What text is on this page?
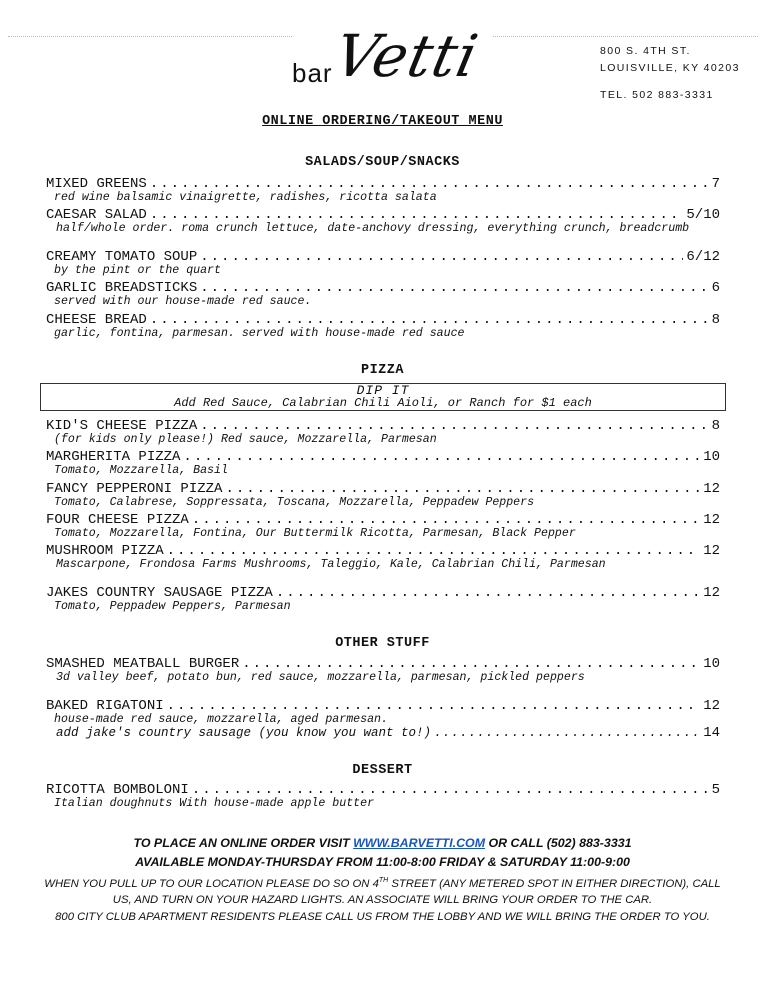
bar
Vetti	800 S. 4TH ST.
LOUISVILLE, KY 40203
TEL. 502 883-3331
ONLINE ORDERING/TAKEOUT MENU
SALADS/SOUP/SNACKS
MIXED GREENS . . .	7
red wine balsamic vinaigrette, radishes, ricotta salata
CAESAR SALAD . . .	5/10
half/whole order. roma crunch lettuce, date-anchovy dressing, everything crunch, breadcrumb
CREAMY TOMATO SOUP . . .	6/12
by the pint or the quart
GARLIC BREADSTICKS . . .	6
served with our house-made red sauce.
CHEESE BREAD . . .	8
garlic, fontina, parmesan. served with house-made red sauce
PIZZA
DIP IT
Add Red Sauce, Calabrian Chili Aioli, or Ranch for $1 each
KID'S CHEESE PIZZA . . .	8
(for kids only please!) Red sauce, Mozzarella, Parmesan
MARGHERITA PIZZA . . .	10
Tomato, Mozzarella, Basil
FANCY PEPPERONI PIZZA . . .	12
Tomato, Calabrese, Soppressata, Toscana, Mozzarella, Peppadew Peppers
FOUR CHEESE PIZZA . . .	12
Tomato, Mozzarella, Fontina, Our Buttermilk Ricotta, Parmesan, Black Pepper
MUSHROOM PIZZA . . .	12
Mascarpone, Frondosa Farms Mushrooms, Taleggio, Kale, Calabrian Chili, Parmesan
JAKES COUNTRY SAUSAGE PIZZA . . .	12
Tomato, Peppadew Peppers, Parmesan
OTHER STUFF
SMASHED MEATBALL BURGER . . .	10
3d valley beef, potato bun, red sauce, mozzarella, parmesan, pickled peppers
BAKED RIGATONI . . .	12
house-made red sauce, mozzarella, aged parmesan.
add jake's country sausage (you know you want to!) . . .	14
DESSERT
RICOTTA BOMBOLONI . . .	5
Italian doughnuts With house-made apple butter
TO PLACE AN ONLINE ORDER VISIT WWW.BARVETTI.COM OR CALL (502) 883-3331
AVAILABLE MONDAY-THURSDAY FROM 11:00-8:00 FRIDAY & SATURDAY 11:00-9:00
WHEN YOU PULL UP TO OUR LOCATION PLEASE DO SO ON 4TH STREET (ANY METERED SPOT IN EITHER DIRECTION), CALL
US, AND TURN ON YOUR HAZARD LIGHTS. AN ASSOCIATE WILL BRING YOUR ORDER TO THE CAR.
800 CITY CLUB APARTMENT RESIDENTS PLEASE CALL US FROM THE LOBBY AND WE WILL BRING THE ORDER TO YOU.
